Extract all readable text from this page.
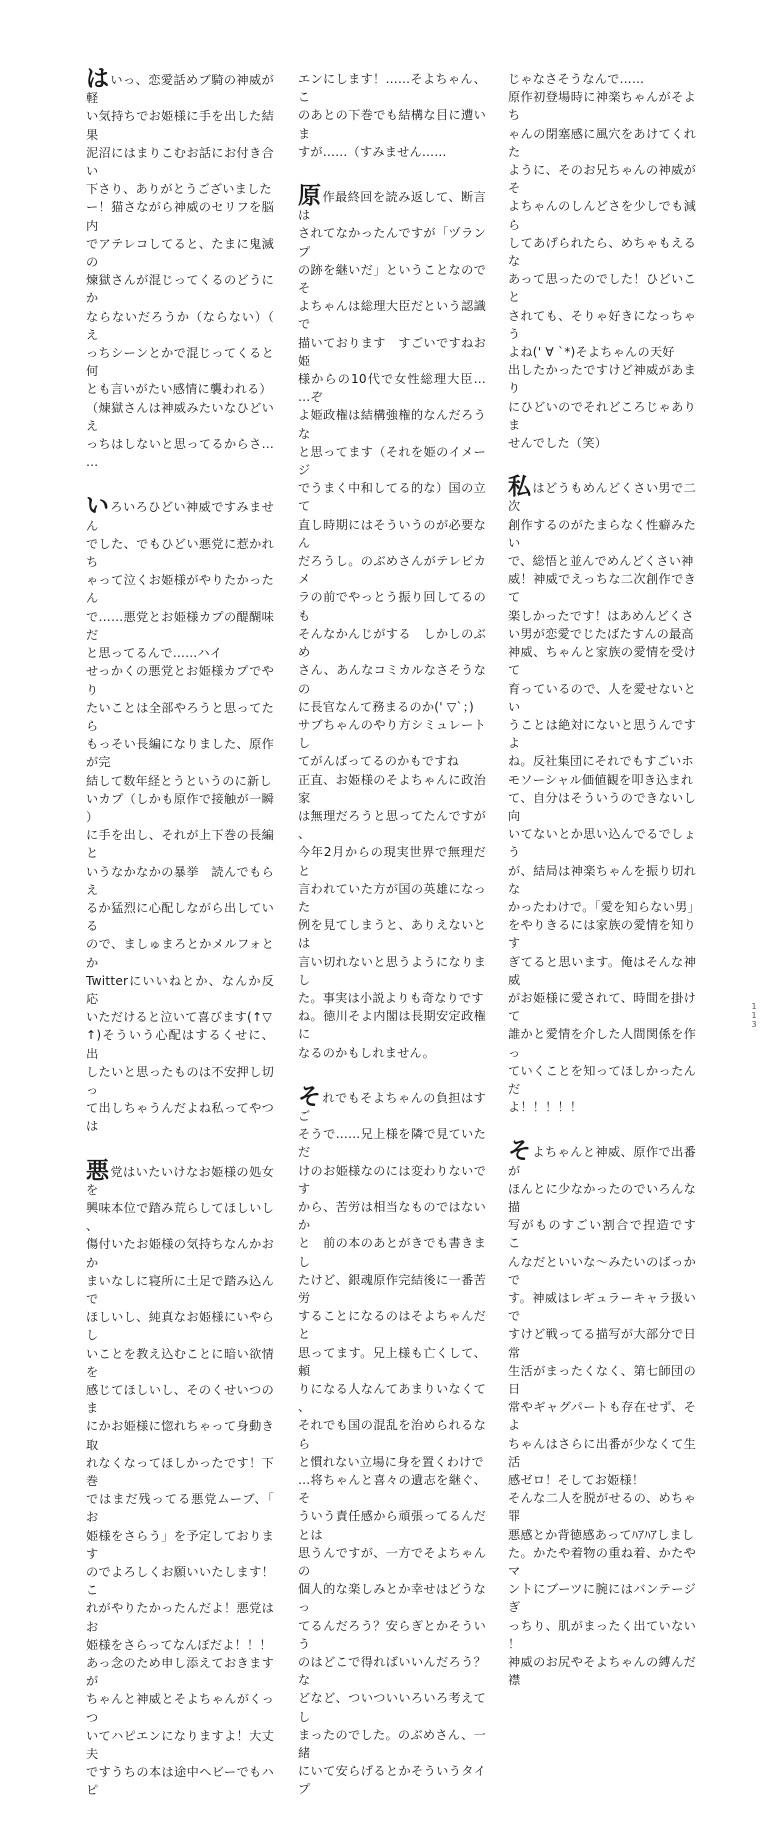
はいっ、恋愛話めブ騎の神威が軽

い気持ちでお姫様に手を出した結果

泥沼にはまりこむお話にお付き合い

下さり、ありがとうございました

ー！猫さながら神威のセリフを脳内

でアテレコしてると、たまに鬼滅の

煉獄さんが混じってくるのどうにか

ならないだろうか（ならない）（え

っちシーンとかで混じってくると何

とも言いがたい感情に襲われる）

（煉獄さんは神威みたいなひどいえ

っちはしないと思ってるからさ……

いろいろひどい神威ですみません

でした、でもひどい悪党に惹かれち

ゃって泣くお姫様がやりたかったん

で……悪党とお姫様カプの醍醐味だ

と思ってるんで……ハイ

せっかくの悪党とお姫様カプでやり

たいことは全部やろうと思ってたら

もっそい長編になりました、原作が完

結して数年経とうというのに新し

いカプ（しかも原作で接触が一瞬）

に手を出し、それが上下巻の長編と

いうなかなかの暴挙　読んでもらえ

るか猛烈に心配しながら出している

ので、ましゅまろとかメルフォとか

Twitterにいいねとか、なんか反応

いただけると泣いて喜びます(↑▽

↑)そういう心配はするくせに、出

したいと思ったものは不安押し切っ

て出しちゃうんだよね私ってやつは

悪党はいたいけなお姫様の処女を

興味本位で踏み荒らしてほしいし、

傷付いたお姫様の気持ちなんかおか

まいなしに寝所に土足で踏み込んで

ほしいし、純真なお姫様にいやらし

いことを教え込むことに暗い欲情を

感じてほしいし、そのくせいつのま

にかお姫様に惚れちゃって身動き取

れなくなってほしかったです！下巻

ではまだ残ってる悪党ムーブ、「お

姫様をさらう」を予定しております

のでよろしくお願いいたします！こ

れがやりたかったんだよ！悪党はお

姫様をさらってなんぼだよ！！！

あっ念のため申し添えておきますが

ちゃんと神威とそよちゃんがくっつ

いてハピエンになりますよ！大丈夫

ですうちの本は途中ヘビーでもハピ

エンにします！……そよちゃん、こ

のあとの下巻でも結構な目に遭いま

すが……（すみません……

原作最終回を読み返して、断言は

されてなかったんですが「ヅランプ

の跡を継いだ」ということなのでそ

よちゃんは総理大臣だという認識で

描いております　すごいですねお姫

様からの10代で女性総理大臣……ぞ

よ姫政権は結構強権的なんだろうな

と思ってます（それを姫のイメージ

でうまく中和してる的な）国の立て

直し時期にはそういうのが必要なん

だろうし。のぶめさんがテレビカメ

ラの前でやっとう振り回してるのも

そんなかんじがする　しかしのぶめ

さん、あんなコミカルなさそうなの

に長官なんて務まるのか(' ▽`；)

サブちゃんのやり方シミュレートし

てがんばってるのかもですね

正直、お姫様のそよちゃんに政治家

は無理だろうと思ってたんですが、

今年2月からの現実世界で無理だと

言われていた方が国の英雄になった

例を見てしまうと、ありえないとは

言い切れないと思うようになりまし

た。事実は小説よりも奇なりです

ね。徳川そよ内閣は長期安定政権に

なるのかもしれません。

それでもそよちゃんの負担はすご

そうで……兄上様を隣で見ていただ

けのお姫様なのには変わりないです

から、苦労は相当なものではないか

と　前の本のあとがきでも書きまし

たけど、銀魂原作完結後に一番苦労

することになるのはそよちゃんだと

思ってます。兄上様も亡くして、頼

りになる人なんてあまりいなくて、

それでも国の混乱を治められるなら

と慣れない立場に身を置くわけで

…将ちゃんと喜々の遺志を継ぐ、そ

ういう責任感から頑張ってるんだとは

思うんですが、一方でそよちゃんの

個人的な楽しみとか幸せはどうなっ

てるんだろう？安らぎとかそういう

のはどこで得ればいいんだろう？な

どなど、ついついいろいろ考えてし

まったのでした。のぶめさん、一緒

にいて安らげるとかそういうタイプ

じゃなさそうなんで……

原作初登場時に神楽ちゃんがそよち

ゃんの閉塞感に風穴をあけてくれた

ように、そのお兄ちゃんの神威がそ

よちゃんのしんどさを少しでも減ら

してあげられたら、めちゃもえるな

あって思ったのでした！ひどいこと

されても、そりゃ好きになっちゃう

よね(' ∀ `*)そよちゃんの天好

出したかったですけど神威があまり

にひどいのでそれどころじゃありま

せんでした（笑）

私はどうもめんどくさい男で二次

創作するのがたまらなく性癖みたい

で、総悟と並んでめんどくさい神

威！神威でえっちな二次創作できて

楽しかったです！はあめんどくさ

い男が恋愛でじたばたすんの最高

神威、ちゃんと家族の愛情を受けて

育っているので、人を愛せないとい

うことは絶対にないと思うんですよ

ね。反社集団にそれでもすごいホ

モソーシャル価値観を叩き込まれ

て、自分はそういうのできないし向

いてないとか思い込んでるでしょう

が、結局は神楽ちゃんを振り切れな

かったわけで。「愛を知らない男」

をやりきるには家族の愛情を知りす

ぎてると思います。俺はそんな神威

がお姫様に愛されて、時間を掛けて

誰かと愛情を介した人間関係を作っ

ていくことを知ってほしかったんだ

よ！！！！！

そよちゃんと神威、原作で出番が

ほんとに少なかったのでいろんな描

写がものすごい割合で捏造です　こ

んなだといいな～みたいのばっかで

す。神威はレギュラーキャラ扱いで

すけど戦ってる描写が大部分で日常

生活がまったくなく、第七師団の日

常やギャグパートも存在せず、そよ

ちゃんはさらに出番が少なくて生活

感ゼロ！そしてお姫様！

そんな二人を脱がせるの、めちゃ罪

悪感とか背徳感あってﾊｱﾊｱしまし

た。かたや着物の重ね着、かたやマ

ントにブーツに腕にはバンテージぎ

っちり、肌がまったく出ていない！

神威のお尻やそよちゃんの縛んだ襟

1
1
3
